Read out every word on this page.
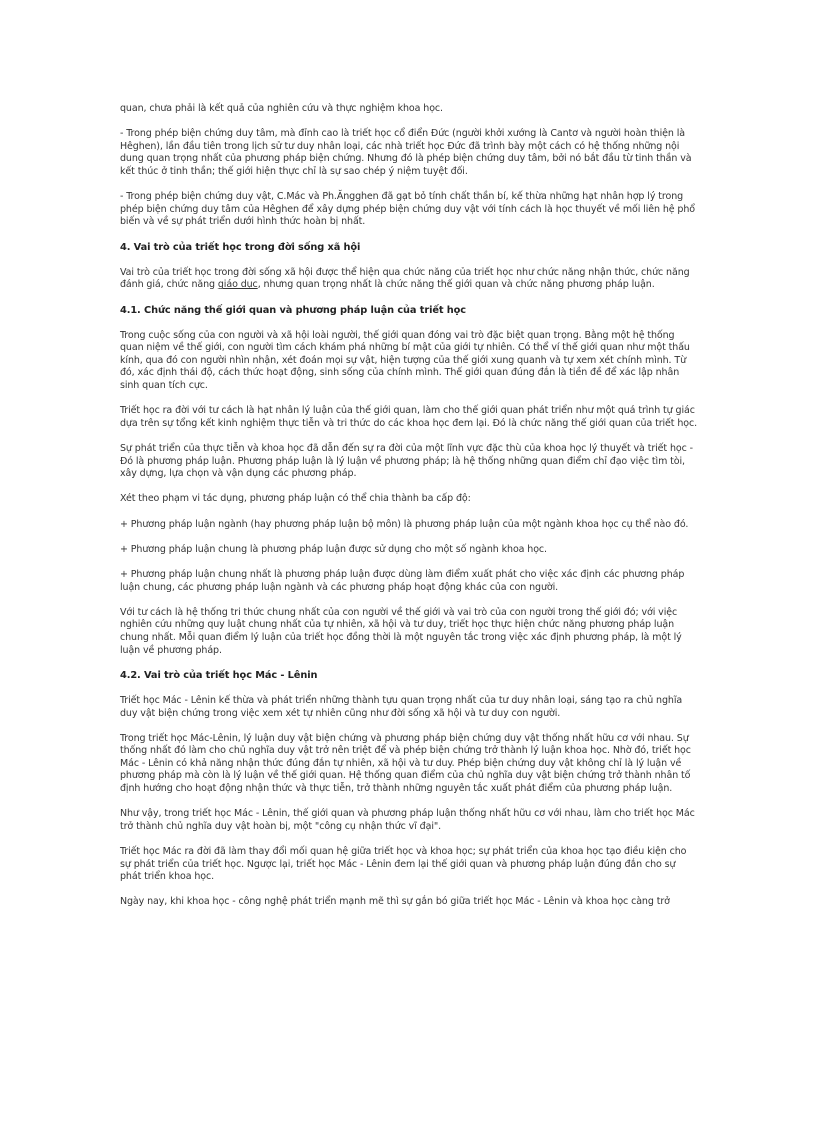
quan, chưa phải là kết quả của nghiên cứu và thực nghiệm khoa học.

- Trong phép biện chứng duy tâm, mà đỉnh cao là triết học cổ điển Đức (người khởi xướng là Cantơ và người hoàn thiện là Hêghen), lần đầu tiên trong lịch sử tư duy nhân loại, các nhà triết học Đức đã trình bày một cách có hệ thống những nội dung quan trọng nhất của phương pháp biện chứng. Nhưng đó là phép biện chứng duy tâm, bởi nó bắt đầu từ tinh thần và kết thúc ở tinh thần; thế giới hiện thực chỉ là sự sao chép ý niệm tuyệt đối.

- Trong phép biện chứng duy vật, C.Mác và Ph.Ăngghen đã gạt bỏ tính chất thần bí, kế thừa những hạt nhân hợp lý trong phép biện chứng duy tâm của Hêghen để xây dựng phép biện chứng duy vật với tính cách là học thuyết về mối liên hệ phổ biến và về sự phát triển dưới hình thức hoàn bị nhất.

4. Vai trò của triết học trong đời sống xã hội

Vai trò của triết học trong đời sống xã hội được thể hiện qua chức năng của triết học như chức năng nhận thức, chức năng đánh giá, chức năng giáo dục, nhưng quan trọng nhất là chức năng thế giới quan và chức năng phương pháp luận.

4.1. Chức năng thế giới quan và phương pháp luận của triết học

Trong cuộc sống của con người và xã hội loài người, thế giới quan đóng vai trò đặc biệt quan trọng. Bằng một hệ thống quan niệm về thế giới, con người tìm cách khám phá những bí mật của giới tự nhiên. Có thể ví thế giới quan như một thấu kính, qua đó con người nhìn nhận, xét đoán mọi sự vật, hiện tượng của thế giới xung quanh và tự xem xét chính mình. Từ đó, xác định thái độ, cách thức hoạt động, sinh sống của chính mình. Thế giới quan đúng đắn là tiền đề để xác lập nhân sinh quan tích cực.

Triết học ra đời với tư cách là hạt nhân lý luận của thế giới quan, làm cho thế giới quan phát triển như một quá trình tự giác dựa trên sự tổng kết kinh nghiệm thực tiễn và tri thức do các khoa học đem lại. Đó là chức năng thế giới quan của triết học.

Sự phát triển của thực tiễn và khoa học đã dẫn đến sự ra đời của một lĩnh vực đặc thù của khoa học lý thuyết và triết học - Đó là phương pháp luận. Phương pháp luận là lý luận về phương pháp; là hệ thống những quan điểm chỉ đạo việc tìm tòi, xây dựng, lựa chọn và vận dụng các phương pháp.

Xét theo phạm vi tác dụng, phương pháp luận có thể chia thành ba cấp độ:

+ Phương pháp luận ngành (hay phương pháp luận bộ môn) là phương pháp luận của một ngành khoa học cụ thể nào đó.

+ Phương pháp luận chung là phương pháp luận được sử dụng cho một số ngành khoa học.

+ Phương pháp luận chung nhất là phương pháp luận được dùng làm điểm xuất phát cho việc xác định các phương pháp luận chung, các phương pháp luận ngành và các phương pháp hoạt động khác của con người.

Với tư cách là hệ thống tri thức chung nhất của con người về thế giới và vai trò của con người trong thế giới đó; với việc nghiên cứu những quy luật chung nhất của tự nhiên, xã hội và tư duy, triết học thực hiện chức năng phương pháp luận chung nhất. Mỗi quan điểm lý luận của triết học đồng thời là một nguyên tắc trong việc xác định phương pháp, là một lý luận về phương pháp.

4.2. Vai trò của triết học Mác - Lênin

Triết học Mác - Lênin kế thừa và phát triển những thành tựu quan trọng nhất của tư duy nhân loại, sáng tạo ra chủ nghĩa duy vật biện chứng trong việc xem xét tự nhiên cũng như đời sống xã hội và tư duy con người.

Trong triết học Mác-Lênin, lý luận duy vật biện chứng và phương pháp biện chứng duy vật thống nhất hữu cơ với nhau. Sự thống nhất đó làm cho chủ nghĩa duy vật trở nên triệt để và phép biện chứng trở thành lý luận khoa học. Nhờ đó, triết học Mác - Lênin có khả năng nhận thức đúng đắn tự nhiên, xã hội và tư duy. Phép biện chứng duy vật không chỉ là lý luận về phương pháp mà còn là lý luận về thế giới quan. Hệ thống quan điểm của chủ nghĩa duy vật biện chứng trở thành nhân tố định hướng cho hoạt động nhận thức và thực tiễn, trở thành những nguyên tắc xuất phát điểm của phương pháp luận.

Như vậy, trong triết học Mác - Lênin, thế giới quan và phương pháp luận thống nhất hữu cơ với nhau, làm cho triết học Mác trở thành chủ nghĩa duy vật hoàn bị, một "công cụ nhận thức vĩ đại".

Triết học Mác ra đời đã làm thay đổi mối quan hệ giữa triết học và khoa học; sự phát triển của khoa học tạo điều kiện cho sự phát triển của triết học. Ngược lại, triết học Mác - Lênin đem lại thế giới quan và phương pháp luận đúng đắn cho sự phát triển khoa học.

Ngày nay, khi khoa học - công nghệ phát triển mạnh mẽ thì sự gắn bó giữa triết học Mác - Lênin và khoa học càng trở
